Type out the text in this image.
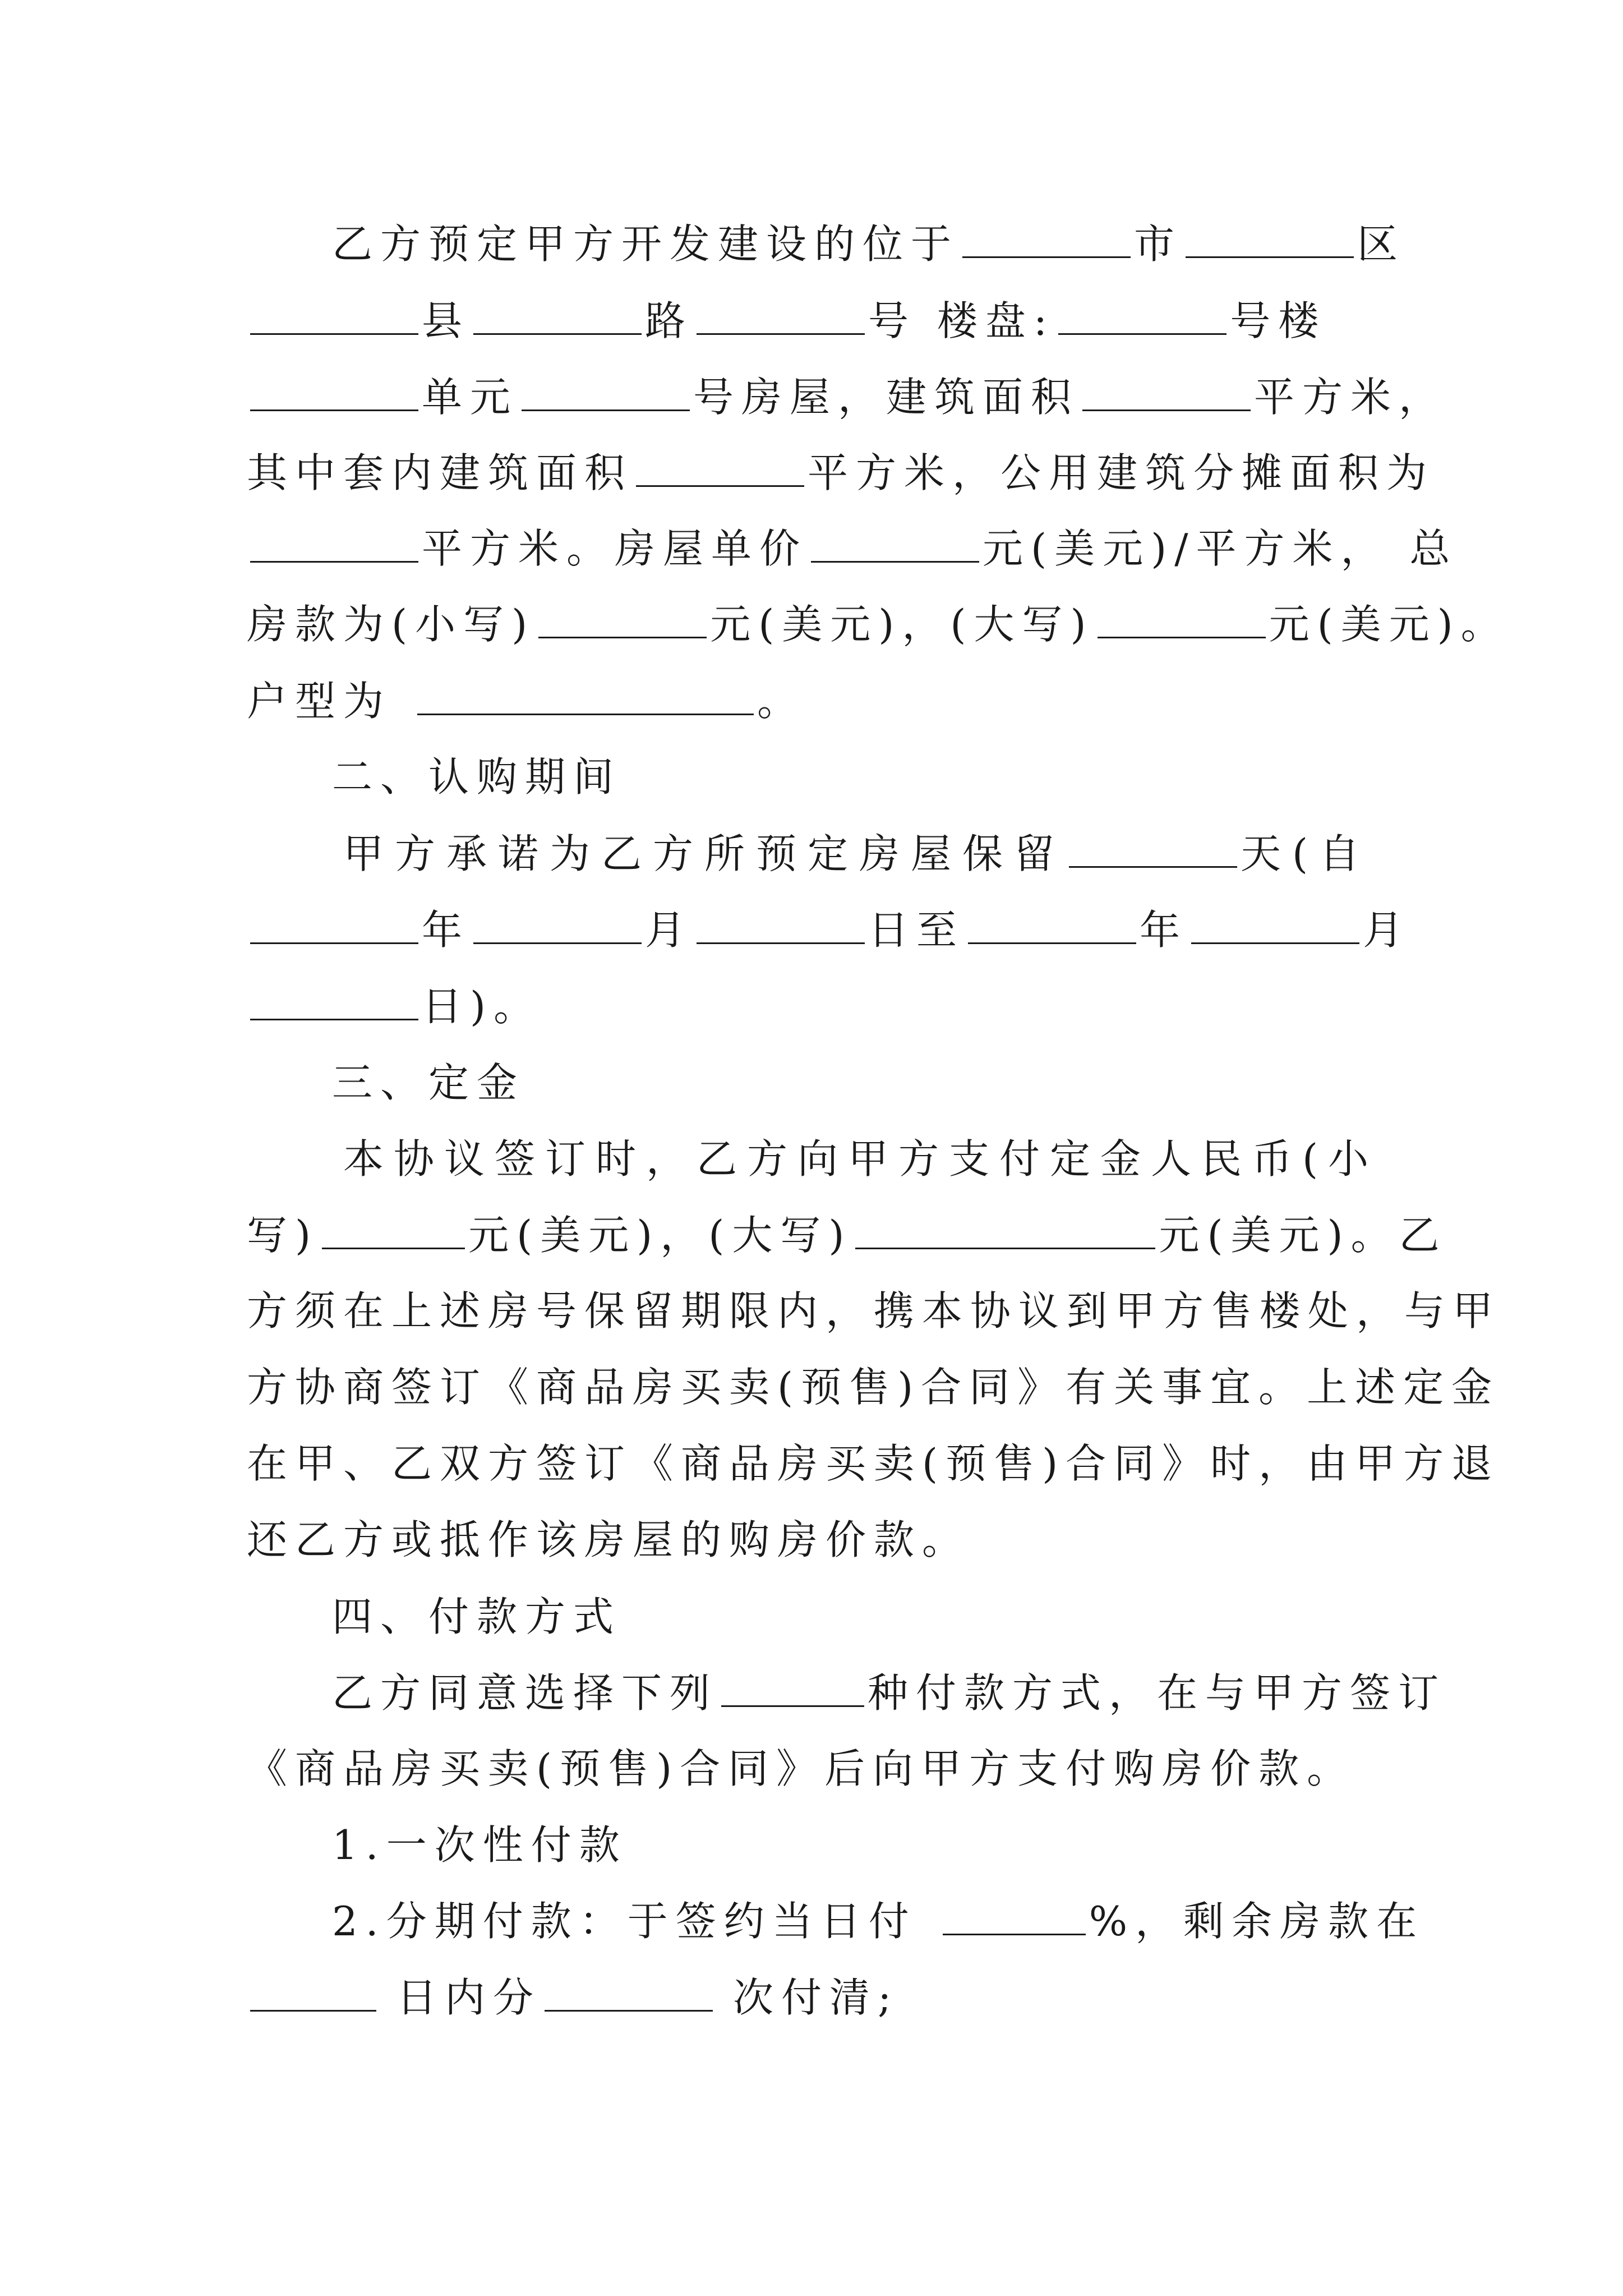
乙方预定甲方开发建设的位于	市	区
县	路	号 楼盘:	号楼
单元	号房屋，建筑面积	平方米，
其中套内建筑面积	平方米，公用建筑分摊面积为
平方米。房屋单价	元(美元)/平方米， 总
房款为(小写)	元(美元)，(大写)	元(美元)。
户型为	。
二、认购期间
甲方承诺为乙方所预定房屋保留	天(自
年	月	日至	年	月
日)。
三、定金
本协议签订时，乙方向甲方支付定金人民币(小
写)	元(美元)，(大写)	元(美元)。乙
方须在上述房号保留期限内，携本协议到甲方售楼处，与甲
方协商签订《商品房买卖(预售)合同》有关事宜。上述定金
在甲、乙双方签订《商品房买卖(预售)合同》时，由甲方退
还乙方或抵作该房屋的购房价款。
四、付款方式
乙方同意选择下列	种付款方式，在与甲方签订
《商品房买卖(预售)合同》后向甲方支付购房价款。
1.一次性付款
2.分期付款：于签约当日付	%，剩余房款在
日内分	次付清;
